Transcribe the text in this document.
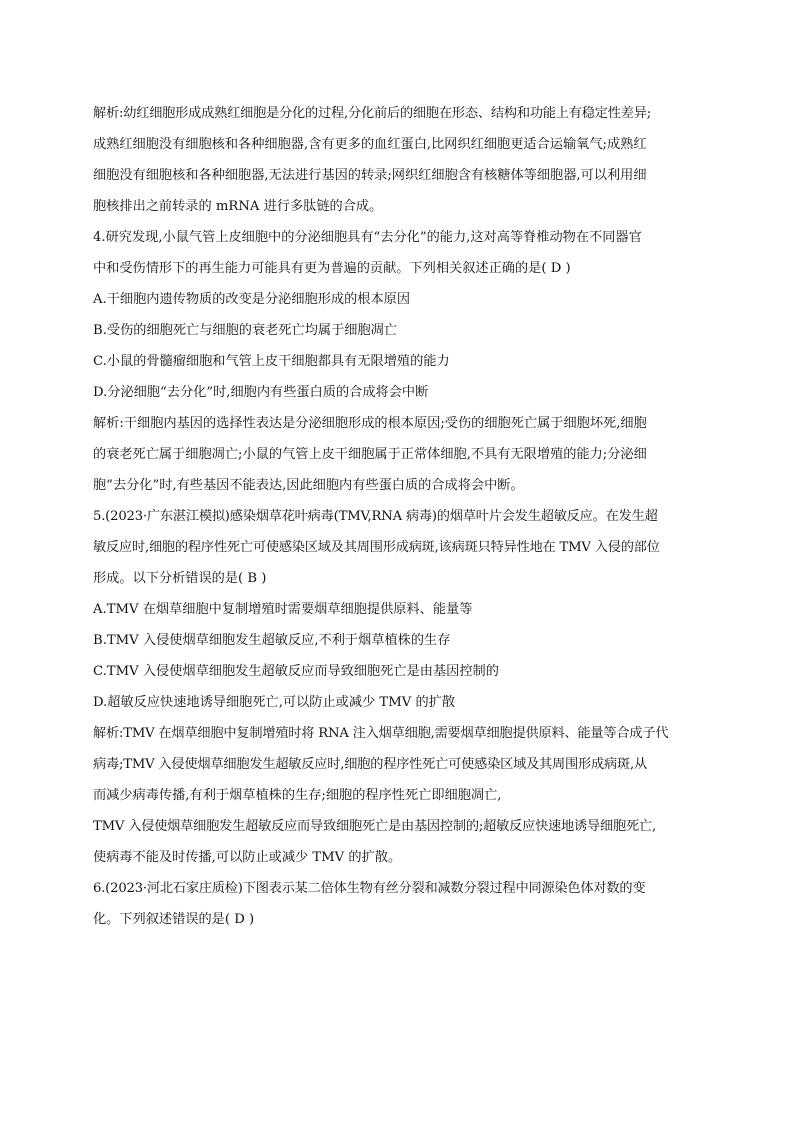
解析:幼红细胞形成成熟红细胞是分化的过程,分化前后的细胞在形态、结构和功能上有稳定性差异;
成熟红细胞没有细胞核和各种细胞器,含有更多的血红蛋白,比网织红细胞更适合运输氧气;成熟红
细胞没有细胞核和各种细胞器,无法进行基因的转录;网织红细胞含有核糖体等细胞器,可以利用细
胞核排出之前转录的 mRNA 进行多肽链的合成。
4.研究发现,小鼠气管上皮细胞中的分泌细胞具有“去分化”的能力,这对高等脊椎动物在不同器官
中和受伤情形下的再生能力可能具有更为普遍的贡献。下列相关叙述正确的是( D )
A.干细胞内遗传物质的改变是分泌细胞形成的根本原因
B.受伤的细胞死亡与细胞的衰老死亡均属于细胞凋亡
C.小鼠的骨髓瘤细胞和气管上皮干细胞都具有无限增殖的能力
D.分泌细胞“去分化”时,细胞内有些蛋白质的合成将会中断
解析:干细胞内基因的选择性表达是分泌细胞形成的根本原因;受伤的细胞死亡属于细胞坏死,细胞
的衰老死亡属于细胞凋亡;小鼠的气管上皮干细胞属于正常体细胞,不具有无限增殖的能力;分泌细
胞“去分化”时,有些基因不能表达,因此细胞内有些蛋白质的合成将会中断。
5.(2023·广东湛江模拟)感染烟草花叶病毒(TMV,RNA 病毒)的烟草叶片会发生超敏反应。在发生超
敏反应时,细胞的程序性死亡可使感染区域及其周围形成病斑,该病斑只特异性地在 TMV 入侵的部位
形成。以下分析错误的是( B )
A.TMV 在烟草细胞中复制增殖时需要烟草细胞提供原料、能量等
B.TMV 入侵使烟草细胞发生超敏反应,不利于烟草植株的生存
C.TMV 入侵使烟草细胞发生超敏反应而导致细胞死亡是由基因控制的
D.超敏反应快速地诱导细胞死亡,可以防止或减少 TMV 的扩散
解析:TMV 在烟草细胞中复制增殖时将 RNA 注入烟草细胞,需要烟草细胞提供原料、能量等合成子代
病毒;TMV 入侵使烟草细胞发生超敏反应时,细胞的程序性死亡可使感染区域及其周围形成病斑,从
而减少病毒传播,有利于烟草植株的生存;细胞的程序性死亡即细胞凋亡,
TMV 入侵使烟草细胞发生超敏反应而导致细胞死亡是由基因控制的;超敏反应快速地诱导细胞死亡,
使病毒不能及时传播,可以防止或减少 TMV 的扩散。
6.(2023·河北石家庄质检)下图表示某二倍体生物有丝分裂和减数分裂过程中同源染色体对数的变
化。下列叙述错误的是( D )
